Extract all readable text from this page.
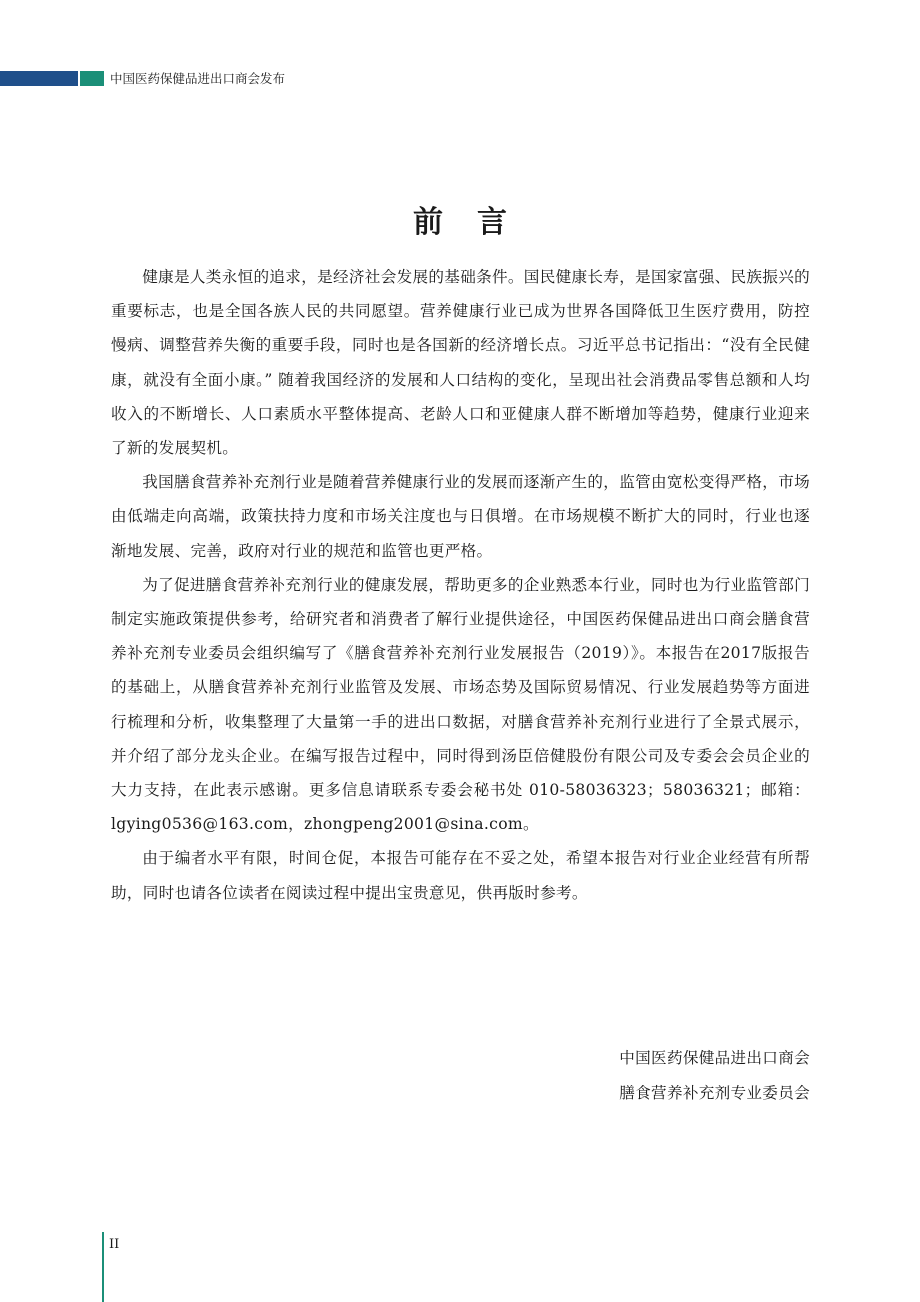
中国医药保健品进出口商会发布
前言

健康是人类永恒的追求，是经济社会发展的基础条件。国民健康长寿，是国家富强、民族振兴的重要标志，也是全国各族人民的共同愿望。营养健康行业已成为世界各国降低卫生医疗费用，防控慢病、调整营养失衡的重要手段，同时也是各国新的经济增长点。习近平总书记指出：“没有全民健康，就没有全面小康。” 随着我国经济的发展和人口结构的变化，呈现出社会消费品零售总额和人均收入的不断增长、人口素质水平整体提高、老龄人口和亚健康人群不断增加等趋势，健康行业迎来了新的发展契机。

我国膳食营养补充剂行业是随着营养健康行业的发展而逐渐产生的，监管由宽松变得严格，市场由低端走向高端，政策扶持力度和市场关注度也与日俱增。在市场规模不断扩大的同时，行业也逐渐地发展、完善，政府对行业的规范和监管也更严格。

为了促进膳食营养补充剂行业的健康发展，帮助更多的企业熟悉本行业，同时也为行业监管部门制定实施政策提供参考，给研究者和消费者了解行业提供途径，中国医药保健品进出口商会膳食营养补充剂专业委员会组织编写了《膳食营养补充剂行业发展报告（2019）》。本报告在2017版报告的基础上，从膳食营养补充剂行业监管及发展、市场态势及国际贸易情况、行业发展趋势等方面进行梳理和分析，收集整理了大量第一手的进出口数据，对膳食营养补充剂行业进行了全景式展示，并介绍了部分龙头企业。在编写报告过程中，同时得到汤臣倍健股份有限公司及专委会会员企业的大力支持，在此表示感谢。更多信息请联系专委会秘书处 010-58036323；58036321；邮箱：lgying0536@163.com，zhongpeng2001@sina.com。

由于编者水平有限，时间仓促，本报告可能存在不妥之处，希望本报告对行业企业经营有所帮助，同时也请各位读者在阅读过程中提出宝贵意见，供再版时参考。

中国医药保健品进出口商会
膳食营养补充剂专业委员会
II
